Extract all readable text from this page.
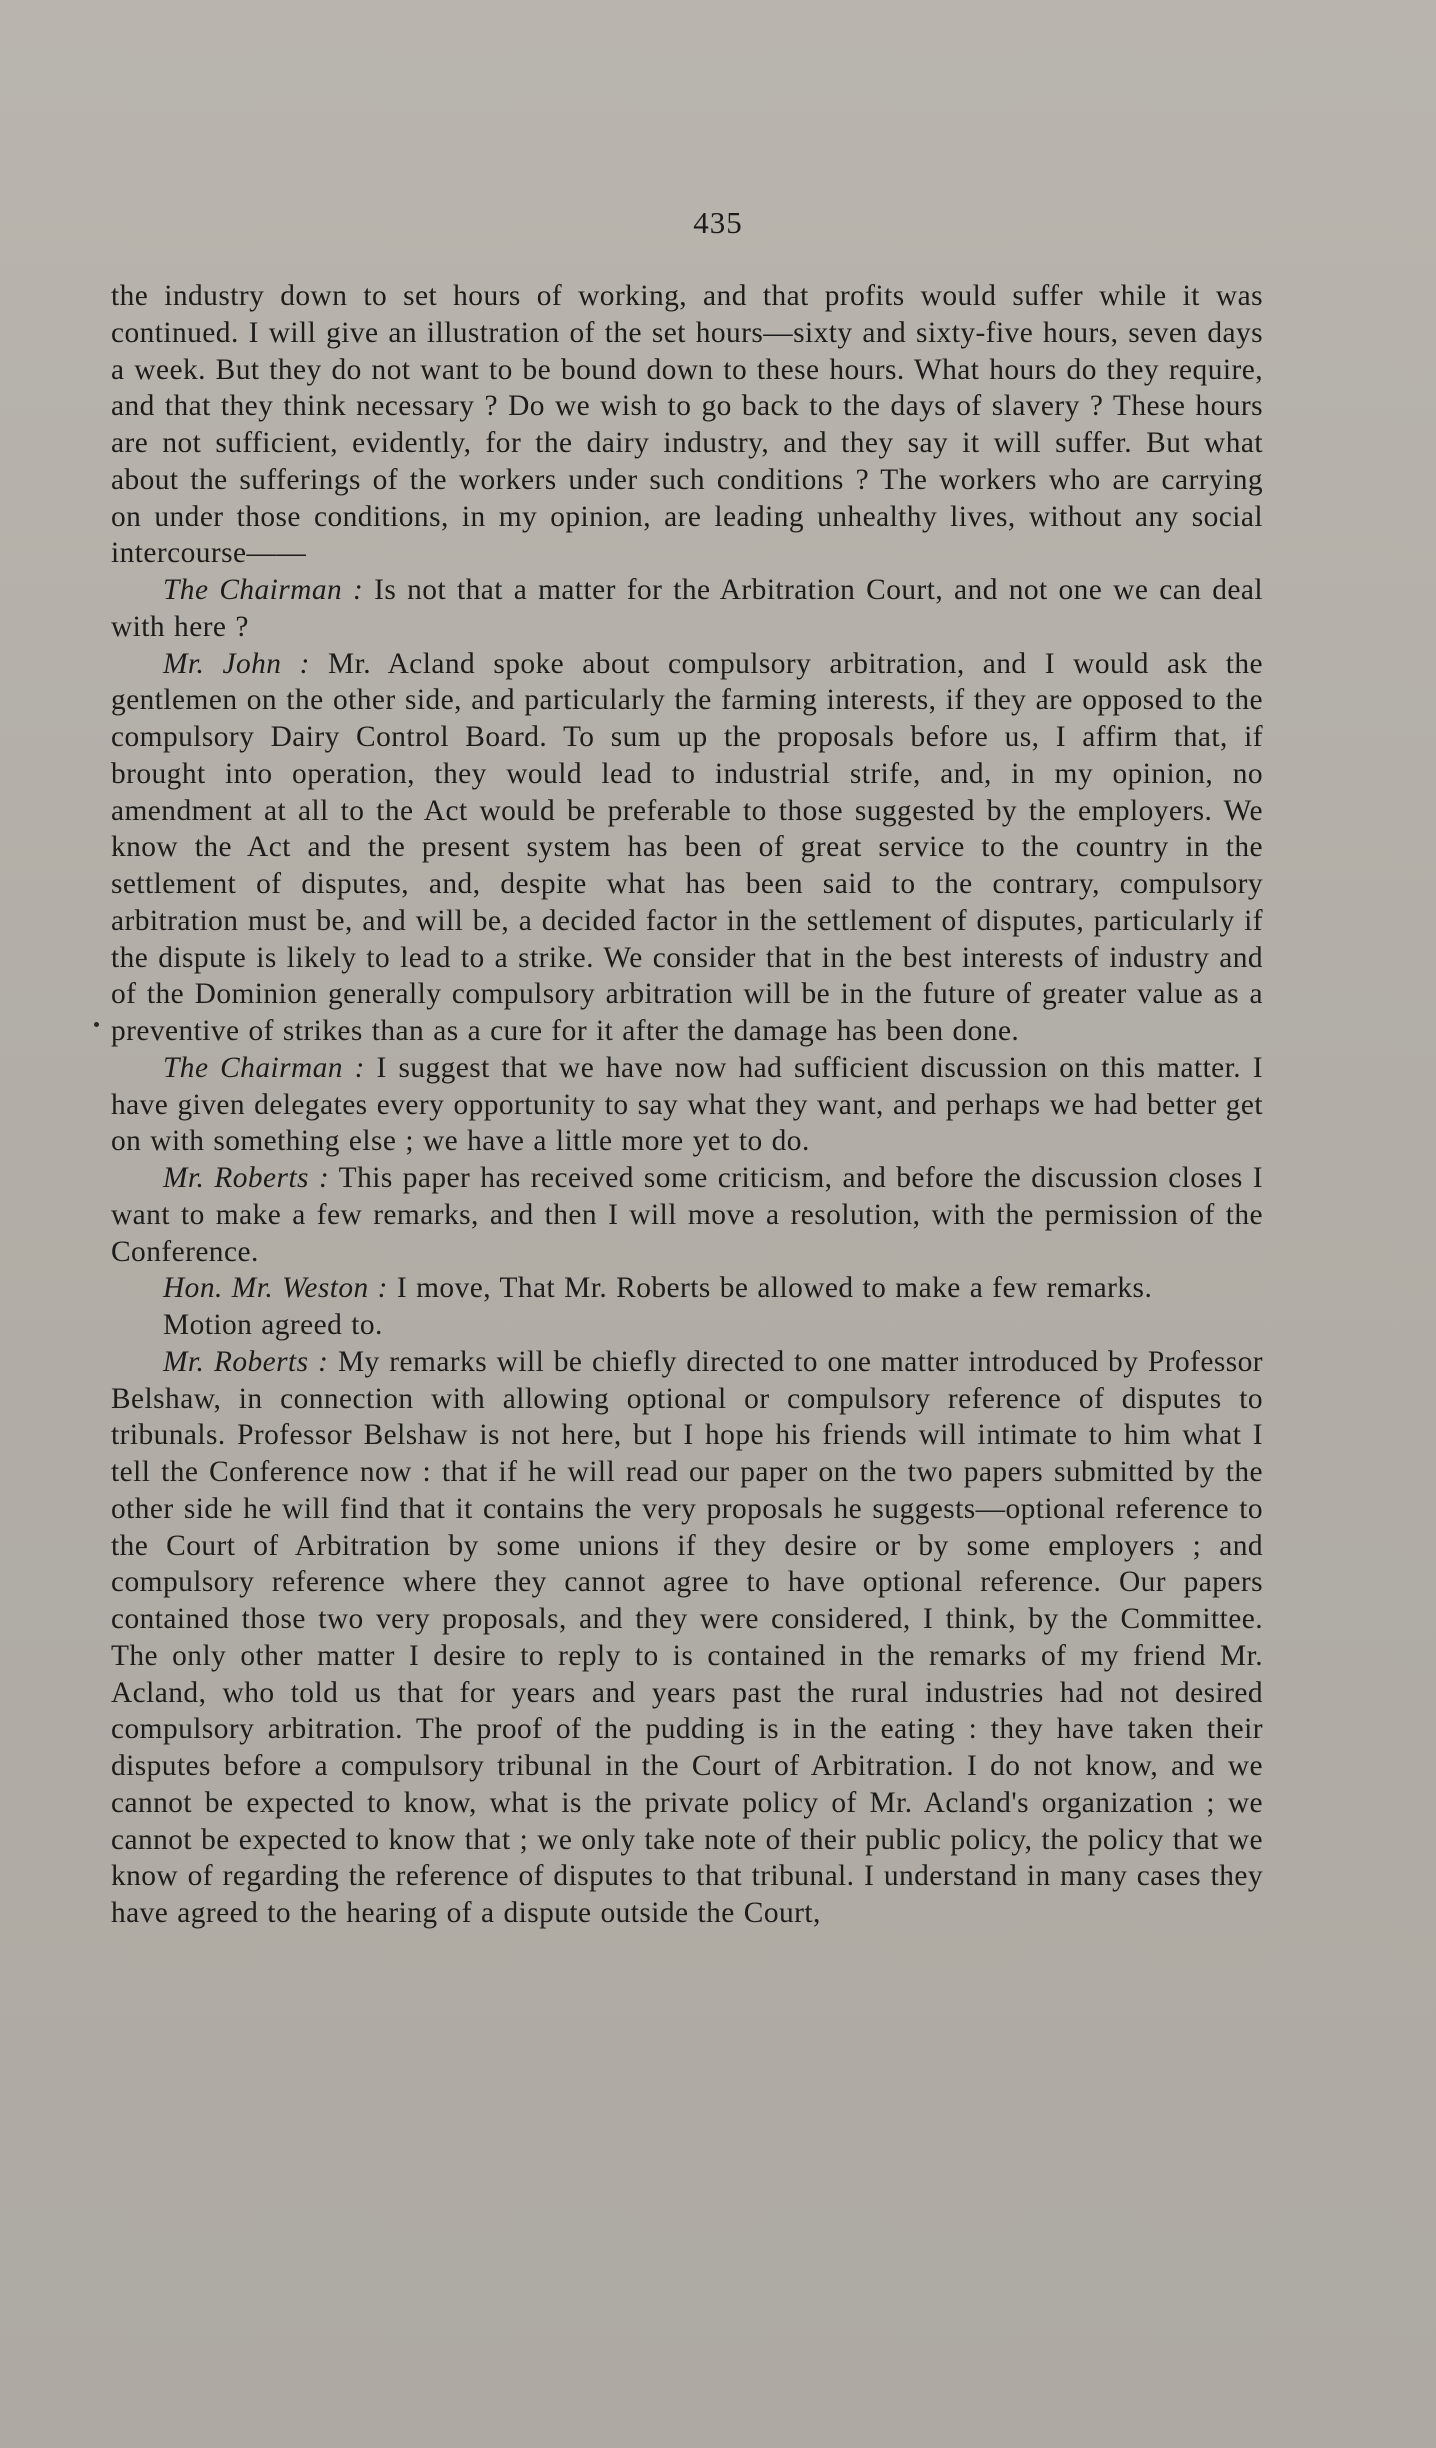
435

the industry down to set hours of working, and that profits would suffer while it was continued. I will give an illustration of the set hours—sixty and sixty-five hours, seven days a week. But they do not want to be bound down to these hours. What hours do they require, and that they think necessary ? Do we wish to go back to the days of slavery ? These hours are not sufficient, evidently, for the dairy industry, and they say it will suffer. But what about the sufferings of the workers under such conditions ? The workers who are carrying on under those conditions, in my opinion, are leading unhealthy lives, without any social intercourse——

The Chairman : Is not that a matter for the Arbitration Court, and not one we can deal with here ?

Mr. John : Mr. Acland spoke about compulsory arbitration, and I would ask the gentlemen on the other side, and particularly the farming interests, if they are opposed to the compulsory Dairy Control Board. To sum up the proposals before us, I affirm that, if brought into operation, they would lead to industrial strife, and, in my opinion, no amendment at all to the Act would be preferable to those suggested by the employers. We know the Act and the present system has been of great service to the country in the settlement of disputes, and, despite what has been said to the contrary, compulsory arbitration must be, and will be, a decided factor in the settlement of disputes, particularly if the dispute is likely to lead to a strike. We consider that in the best interests of industry and of the Dominion generally compulsory arbitration will be in the future of greater value as a preventive of strikes than as a cure for it after the damage has been done.

The Chairman : I suggest that we have now had sufficient discussion on this matter. I have given delegates every opportunity to say what they want, and perhaps we had better get on with something else ; we have a little more yet to do.

Mr. Roberts : This paper has received some criticism, and before the discussion closes I want to make a few remarks, and then I will move a resolution, with the permission of the Conference.

Hon. Mr. Weston : I move, That Mr. Roberts be allowed to make a few remarks.

Motion agreed to.

Mr. Roberts : My remarks will be chiefly directed to one matter introduced by Professor Belshaw, in connection with allowing optional or compulsory reference of disputes to tribunals. Professor Belshaw is not here, but I hope his friends will intimate to him what I tell the Conference now : that if he will read our paper on the two papers submitted by the other side he will find that it contains the very proposals he suggests—optional reference to the Court of Arbitration by some unions if they desire or by some employers ; and compulsory reference where they cannot agree to have optional reference. Our papers contained those two very proposals, and they were considered, I think, by the Committee. The only other matter I desire to reply to is contained in the remarks of my friend Mr. Acland, who told us that for years and years past the rural industries had not desired compulsory arbitration. The proof of the pudding is in the eating : they have taken their disputes before a compulsory tribunal in the Court of Arbitration. I do not know, and we cannot be expected to know, what is the private policy of Mr. Acland's organization ; we cannot be expected to know that ; we only take note of their public policy, the policy that we know of regarding the reference of disputes to that tribunal. I understand in many cases they have agreed to the hearing of a dispute outside the Court,
